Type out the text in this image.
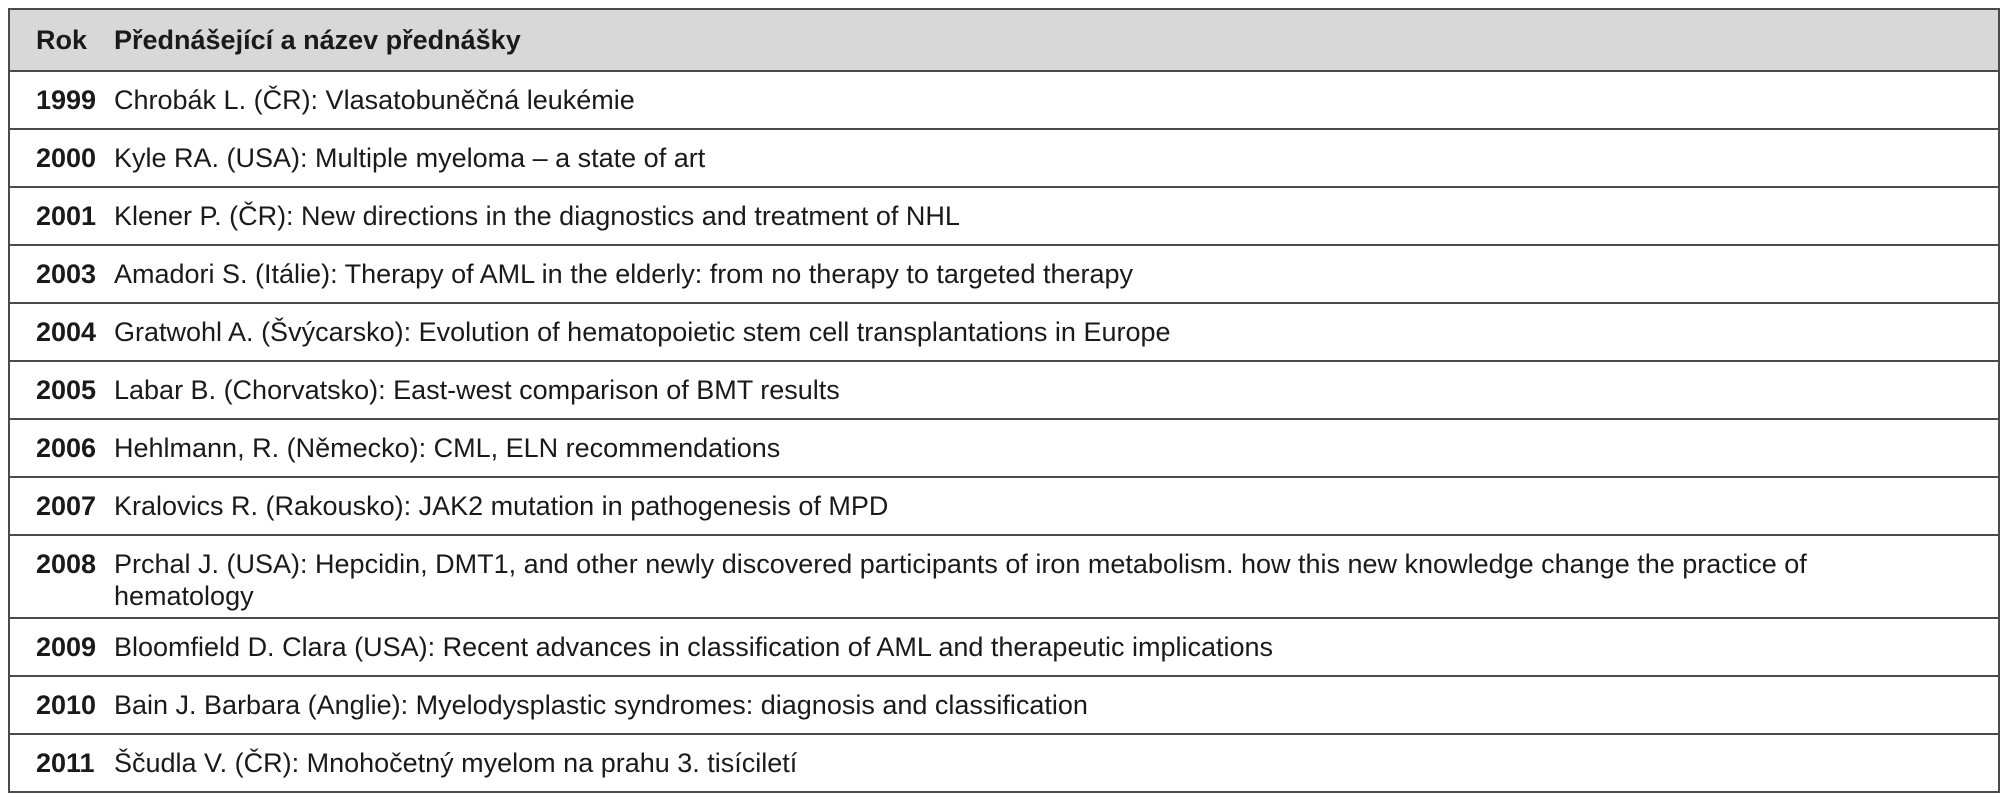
Rok Přednášející a název přednášky
1999 Chrobák L. (ČR): Vlasatobuněčná leukémie
2000 Kyle RA. (USA): Multiple myeloma – a state of art
2001 Klener P. (ČR): New directions in the diagnostics and treatment of NHL
2003 Amadori S. (Itálie): Therapy of AML in the elderly: from no therapy to targeted therapy
2004 Gratwohl A. (Švýcarsko): Evolution of hematopoietic stem cell transplantations in Europe
2005 Labar B. (Chorvatsko): East-west comparison of BMT results
2006 Hehlmann, R. (Německo): CML, ELN recommendations
2007 Kralovics R. (Rakousko): JAK2 mutation in pathogenesis of MPD
2008 Prchal J. (USA): Hepcidin, DMT1, and other newly discovered participants of iron metabolism. how this new knowledge change the practice of hematology
2009 Bloomfield D. Clara (USA): Recent advances in classification of AML and therapeutic implications
2010 Bain J. Barbara (Anglie): Myelodysplastic syndromes: diagnosis and classification
2011 Ščudla V. (ČR): Mnohočetný myelom na prahu 3. tisíciletí
